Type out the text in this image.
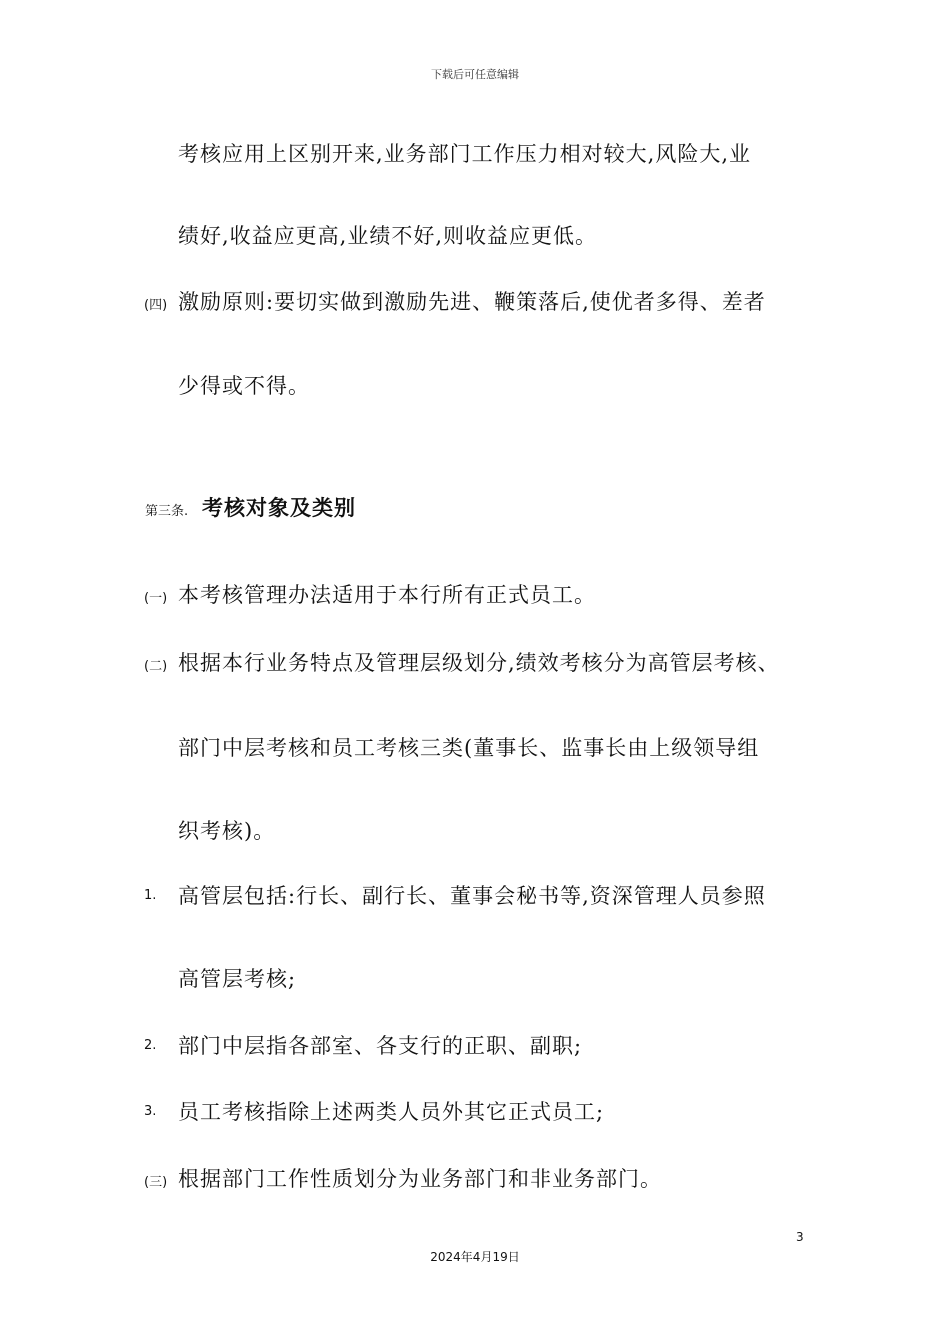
下载后可任意编辑
考核应用上区别开来,业务部门工作压力相对较大,风险大,业
绩好,收益应更高,业绩不好,则收益应更低。
(四) 激励原则:要切实做到激励先进、鞭策落后,使优者多得、差者
少得或不得。
第三条. 考核对象及类别
(一) 本考核管理办法适用于本行所有正式员工。
(二) 根据本行业务特点及管理层级划分,绩效考核分为高管层考核、
部门中层考核和员工考核三类(董事长、监事长由上级领导组
织考核)。
1. 高管层包括:行长、副行长、董事会秘书等,资深管理人员参照
高管层考核;
2. 部门中层指各部室、各支行的正职、副职;
3. 员工考核指除上述两类人员外其它正式员工;
(三) 根据部门工作性质划分为业务部门和非业务部门。
3
2024年4月19日
